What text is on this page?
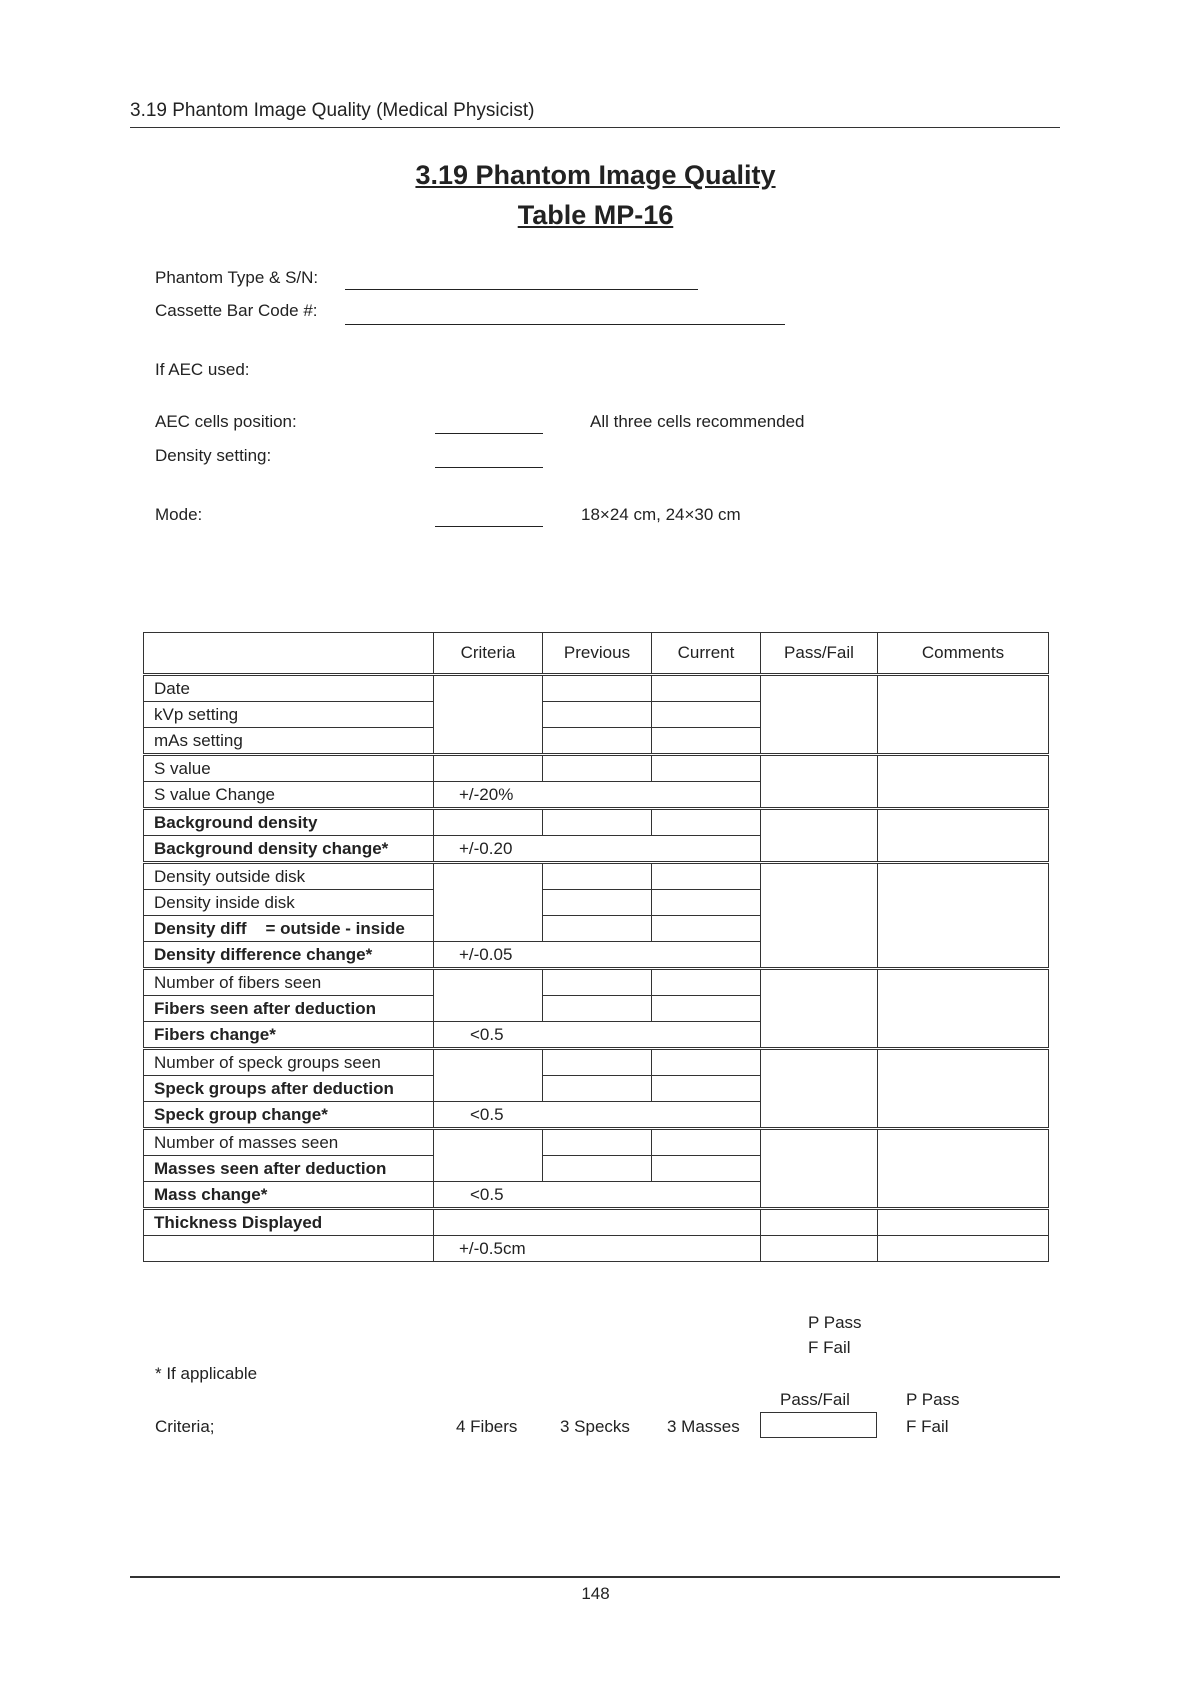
3.19 Phantom Image Quality (Medical Physicist)
3.19 Phantom Image Quality
Table MP-16
Phantom Type & S/N:
Cassette Bar Code #:
If AEC used:
AEC cells position:	All three cells recommended
Density setting:
Mode:	18×24 cm, 24×30 cm
	Criteria	Previous	Current	Pass/Fail	Comments
Date					
kVp setting					
mAs setting					
S value					
S value Change	+/-20%				
Background density					
Background density change*	+/-0.20				
Density outside disk					
Density inside disk					
Density diff    = outside - inside					
Density difference change*	+/-0.05				
Number of fibers seen					
Fibers seen after deduction					
Fibers change*	<0.5				
Number of speck groups seen					
Speck groups after deduction					
Speck group change*	<0.5				
Number of masses seen					
Masses seen after deduction					
Mass change*	<0.5				
Thickness Displayed					
	+/-0.5cm				
P Pass
F Fail
* If applicable
Pass/Fail	P Pass
Criteria;	4 Fibers	3 Specks 3 Masses	F Fail
148
